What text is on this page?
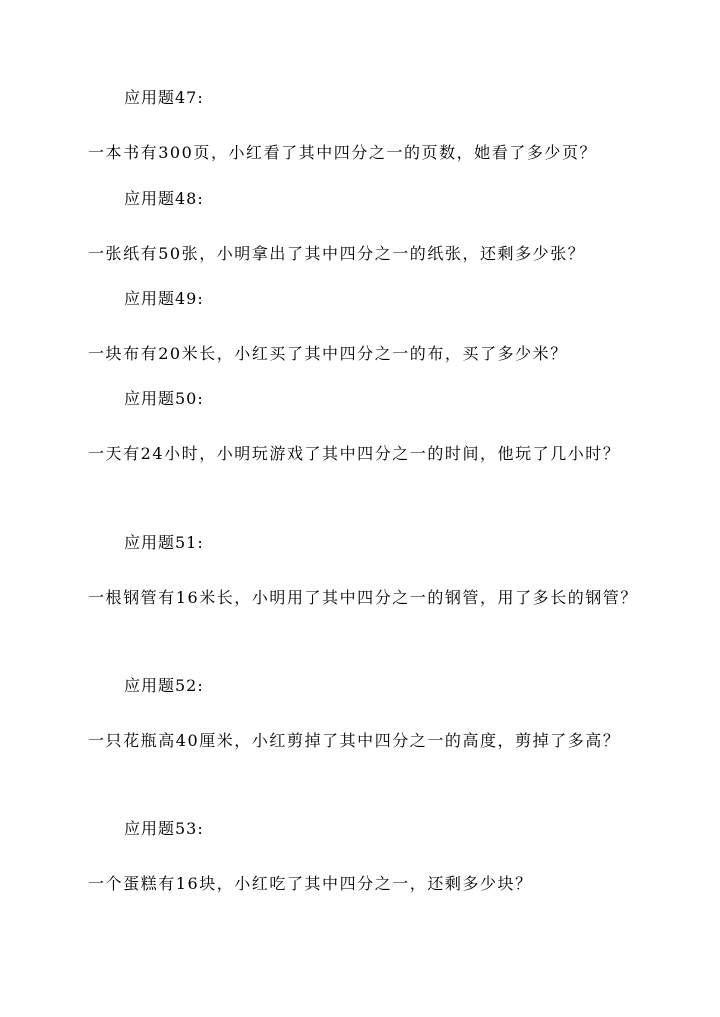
应用题47:
一本书有300页，小红看了其中四分之一的页数，她看了多少页？
应用题48:
一张纸有50张，小明拿出了其中四分之一的纸张，还剩多少张？
应用题49:
一块布有20米长，小红买了其中四分之一的布，买了多少米？
应用题50:
一天有24小时，小明玩游戏了其中四分之一的时间，他玩了几小时？
应用题51:
一根钢管有16米长，小明用了其中四分之一的钢管，用了多长的钢管？
应用题52:
一只花瓶高40厘米，小红剪掉了其中四分之一的高度，剪掉了多高？
应用题53:
一个蛋糕有16块，小红吃了其中四分之一，还剩多少块？
